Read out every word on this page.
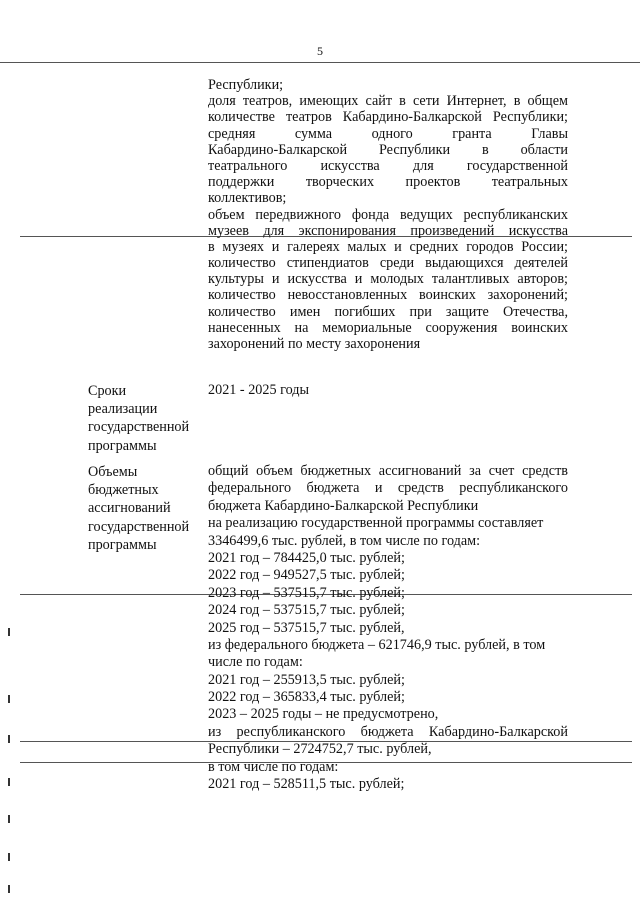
5
Республики;
доля театров, имеющих сайт в сети Интернет, в общем
количестве театров Кабардино-Балкарской Республики;
средняя сумма одного гранта Главы
Кабардино-Балкарской Республики в области
театрального искусства для государственной
поддержки творческих проектов театральных
коллективов;
объем передвижного фонда ведущих республиканских
музеев для экспонирования произведений искусства
в музеях и галереях малых и средних городов России;
количество стипендиатов среди выдающихся деятелей
культуры и искусства и молодых талантливых авторов;
количество невосстановленных воинских захоронений;
количество имен погибших при защите Отечества,
нанесенных на мемориальные сооружения воинских
захоронений по месту захоронения
Сроки
реализации
государственной
программы
2021 - 2025 годы
Объемы
бюджетных
ассигнований
государственной
программы
общий объем бюджетных ассигнований за счет средств
федерального бюджета и средств республиканского
бюджета Кабардино-Балкарской Республики
на реализацию государственной программы составляет
3346499,6 тыс. рублей, в том числе по годам:
2021 год – 784425,0 тыс. рублей;
2022 год – 949527,5 тыс. рублей;
2023 год – 537515,7 тыс. рублей;
2024 год – 537515,7 тыс. рублей;
2025 год – 537515,7 тыс. рублей,
из федерального бюджета – 621746,9 тыс. рублей, в том
числе по годам:
2021 год – 255913,5 тыс. рублей;
2022 год – 365833,4 тыс. рублей;
2023 – 2025 годы – не предусмотрено,
из республиканского бюджета Кабардино-Балкарской
Республики – 2724752,7 тыс. рублей,
в том числе по годам:
2021 год – 528511,5 тыс. рублей;
